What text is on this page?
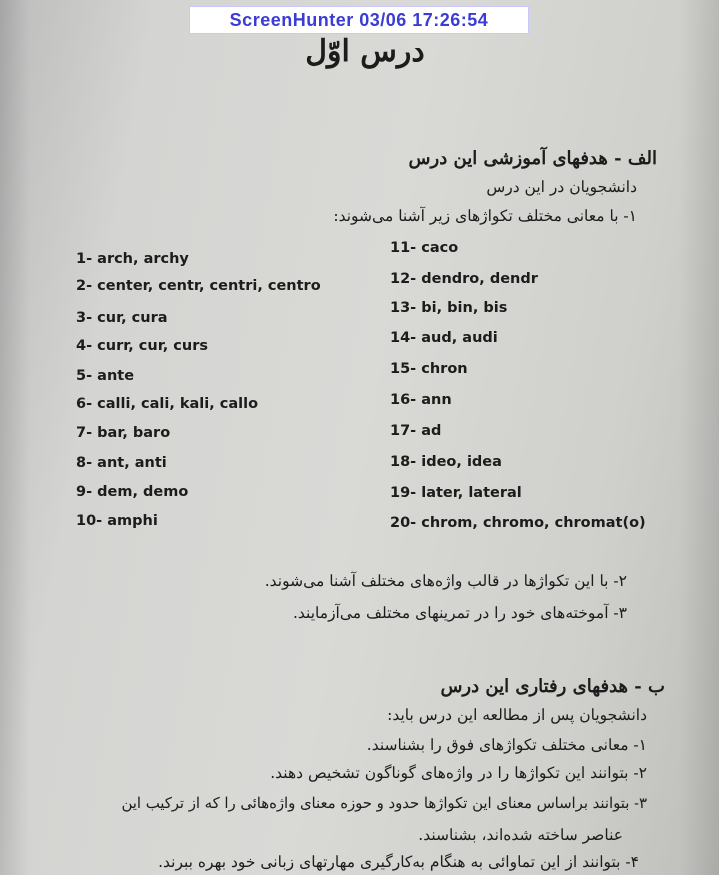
ScreenHunter 03/06 17:26:54
درس اوّل
الف - هدفهای آموزشی این درس
دانشجویان در این درس
۱- با معانی مختلف تکواژهای زیر آشنا می‌شوند:
1- arch, archy
2- center, centr, centri, centro
3- cur, cura
4- curr, cur, curs
5- ante
6- calli, cali, kali, callo
7- bar, baro
8- ant, anti
9- dem, demo
10- amphi
11- caco
12- dendro, dendr
13- bi, bin, bis
14- aud, audi
15- chron
16- ann
17- ad
18- ideo, idea
19- later, lateral
20- chrom, chromo, chromat(o)
۲- با این تکواژها در قالب واژه‌های مختلف آشنا می‌شوند.
۳- آموخته‌های خود را در تمرینهای مختلف می‌آزمایند.
ب - هدفهای رفتاری این درس
دانشجویان پس از مطالعه این درس باید:
۱- معانی مختلف تکواژهای فوق را بشناسند.
۲- بتوانند این تکواژها را در واژه‌های گوناگون تشخیص دهند.
۳- بتوانند براساس معنای این تکواژها حدود و حوزه معنای واژه‌هائی را که از ترکیب این
عناصر ساخته شده‌اند، بشناسند.
۴- بتوانند از این تماوائی به هنگام به‌کارگیری مهارتهای زبانی خود بهره ببرند.
